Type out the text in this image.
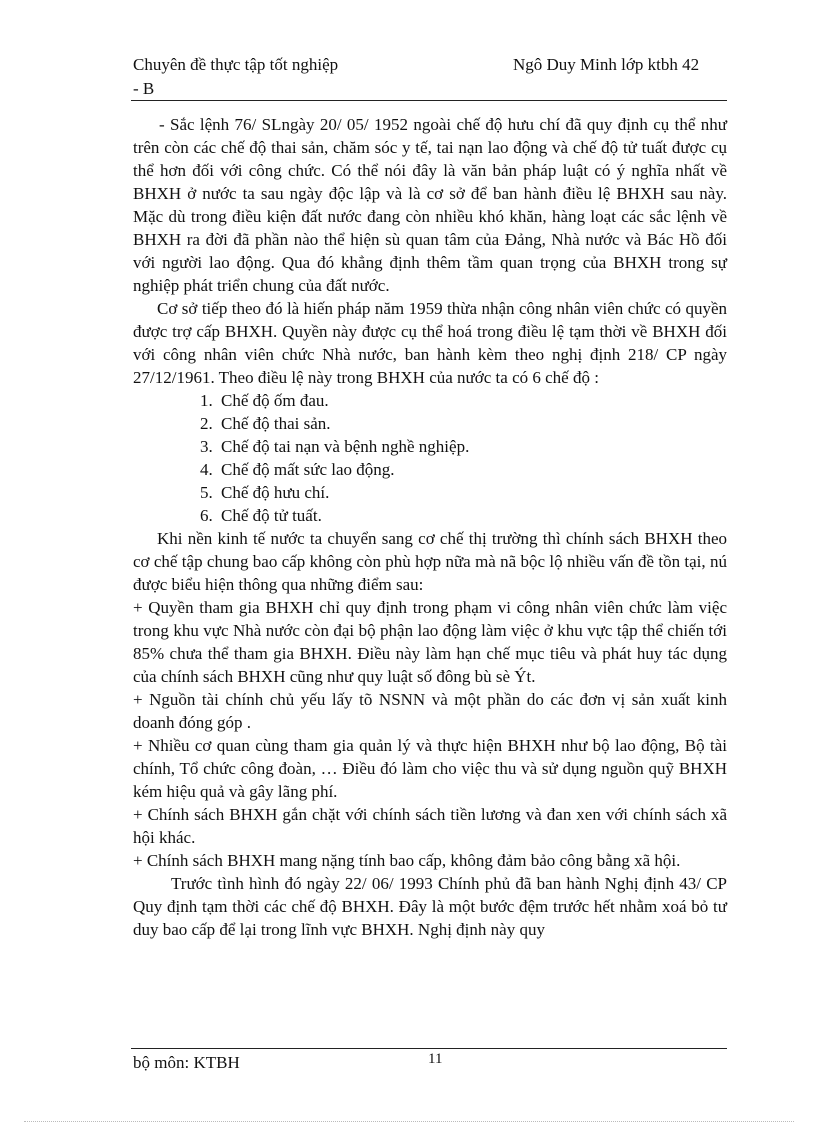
Chuyên đề thực tập tốt nghiệp
- B
Ngô Duy Minh lớp ktbh 42

- Sắc lệnh 76/ SLngày 20/ 05/ 1952 ngoài chế độ hưu chí đã quy định cụ thể như trên còn các chế độ thai sản, chăm sóc y tế, tai nạn lao động và chế độ tử tuất được cụ thể hơn đối với công chức. Có thể nói đây là văn bản pháp luật có ý nghĩa nhất về BHXH ở nước ta sau ngày độc lập và là cơ sở để ban hành điều lệ BHXH sau này. Mặc dù trong điều kiện đất nước đang còn nhiều khó khăn, hàng loạt các sắc lệnh về BHXH ra đời đã phần nào thể hiện sù quan tâm của Đảng, Nhà nước và Bác Hồ đối với người lao động. Qua đó khẳng định thêm tầm quan trọng của BHXH trong sự nghiệp phát triển chung của đất nước.

Cơ sở tiếp theo đó là hiến pháp năm 1959 thừa nhận công nhân viên chức có quyền được trợ cấp BHXH. Quyền này được cụ thể hoá trong điều lệ tạm thời về BHXH đối với công nhân viên chức Nhà nước, ban hành kèm theo nghị định 218/ CP ngày 27/12/1961. Theo điều lệ này trong BHXH của nước ta có 6 chế độ :

1. Chế độ ốm đau.
2. Chế độ thai sản.
3. Chế độ tai nạn và bệnh nghề nghiệp.
4. Chế độ mất sức lao động.
5. Chế độ hưu chí.
6. Chế độ tử tuất.

Khi nền kinh tế nước ta chuyển sang cơ chế thị trường thì chính sách BHXH theo cơ chế tập chung bao cấp không còn phù hợp nữa mà nã bộc lộ nhiều vấn đề tồn tại, nú được biểu hiện thông qua những điểm sau:

+ Quyền tham gia BHXH chỉ quy định trong phạm vi công nhân viên chức làm việc trong khu vực Nhà nước còn đại bộ phận lao động làm việc ở khu vực tập thể chiến tới 85% chưa thể tham gia BHXH. Điều này làm hạn chế mục tiêu và phát huy tác dụng của chính sách BHXH cũng như quy luật số đông bù sè Ýt.

+ Nguồn tài chính chủ yếu lấy tõ NSNN và một phần do các đơn vị sản xuất kinh doanh đóng góp .

+ Nhiều cơ quan cùng tham gia quản lý và thực hiện BHXH như bộ lao động, Bộ tài chính, Tổ chức công đoàn, … Điều đó làm cho việc thu và sử dụng nguồn quỹ BHXH kém hiệu quả và gây lãng phí.

+ Chính sách BHXH gắn chặt với chính sách tiền lương và đan xen với chính sách xã hội khác.

+ Chính sách BHXH mang nặng tính bao cấp, không đảm bảo công bằng xã hội.

Trước tình hình đó ngày 22/ 06/ 1993 Chính phủ đã ban hành Nghị định 43/ CP Quy định tạm thời các chế độ BHXH. Đây là một bước đệm trước hết nhằm xoá bỏ tư duy bao cấp để lại trong lĩnh vực BHXH. Nghị định này quy

bộ môn: KTBH	11
